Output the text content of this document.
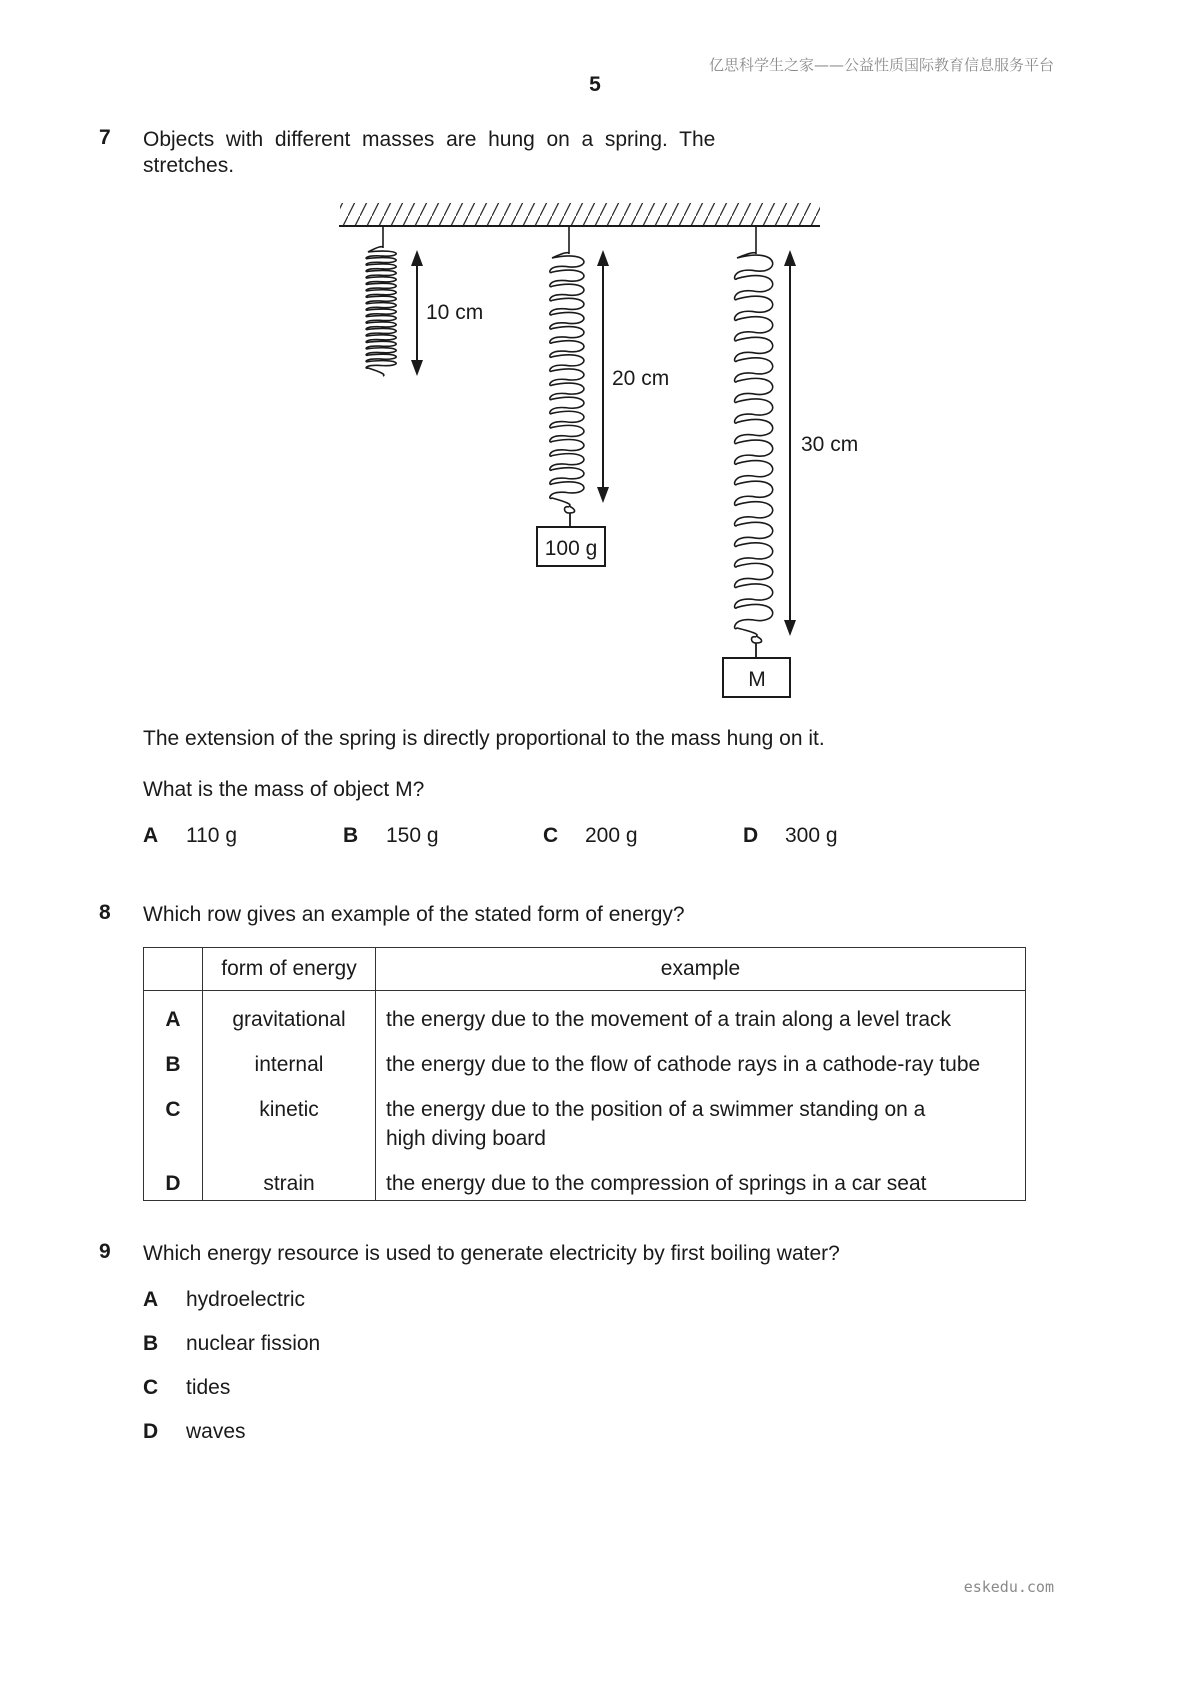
亿思科学生之家——公益性质国际教育信息服务平台
5
7 Objects  with  different  masses  are  hung  on  a  spring.  The
stretches.
10 cm
20 cm
30 cm
100 g
M
The extension of the spring is directly proportional to the mass hung on it.
What is the mass of object M?
A 110 g	B 150 g	C 200 g	D 300 g
8 Which row gives an example of the stated form of energy?
	form of energy	example
A	gravitational	the energy due to the movement of a train along a level track
B	internal	the energy due to the flow of cathode rays in a cathode-ray tube
C	kinetic	the energy due to the position of a swimmer standing on a
high diving board
D	strain	the energy due to the compression of springs in a car seat
9 Which energy resource is used to generate electricity by first boiling water?
A hydroelectric
B nuclear fission
C tides
D waves
eskedu.com
